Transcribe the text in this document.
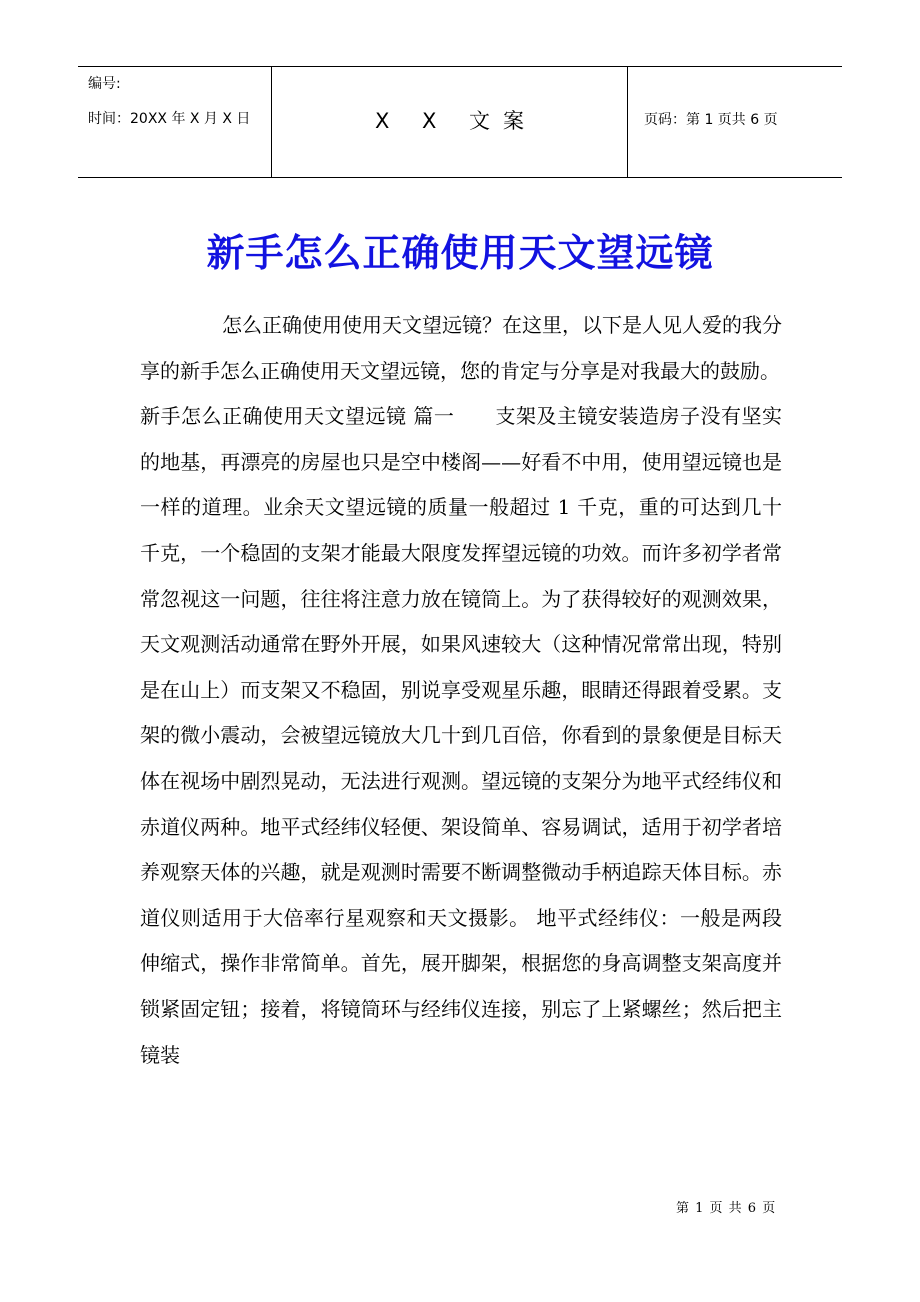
编号:
时间：20XX 年 X 月 X 日	X X 文案	页码：第 1 页共 6 页
新手怎么正确使用天文望远镜

怎么正确使用使用天文望远镜？在这里，以下是人见人爱的我分享的新手怎么正确使用天文望远镜，您的肯定与分享是对我最大的鼓励。

新手怎么正确使用天文望远镜 篇一　　支架及主镜安装造房子没有坚实的地基，再漂亮的房屋也只是空中楼阁——好看不中用，使用望远镜也是一样的道理。业余天文望远镜的质量一般超过 1 千克，重的可达到几十千克，一个稳固的支架才能最大限度发挥望远镜的功效。而许多初学者常常忽视这一问题，往往将注意力放在镜筒上。为了获得较好的观测效果，天文观测活动通常在野外开展，如果风速较大（这种情况常常出现，特别是在山上）而支架又不稳固，别说享受观星乐趣，眼睛还得跟着受累。支架的微小震动，会被望远镜放大几十到几百倍，你看到的景象便是目标天体在视场中剧烈晃动，无法进行观测。望远镜的支架分为地平式经纬仪和赤道仪两种。地平式经纬仪轻便、架设简单、容易调试，适用于初学者培养观察天体的兴趣，就是观测时需要不断调整微动手柄追踪天体目标。赤道仪则适用于大倍率行星观察和天文摄影。 地平式经纬仪：一般是两段伸缩式，操作非常简单。首先，展开脚架，根据您的身高调整支架高度并锁紧固定钮；接着，将镜筒环与经纬仪连接，别忘了上紧螺丝；然后把主镜装

第 1 页 共 6 页
